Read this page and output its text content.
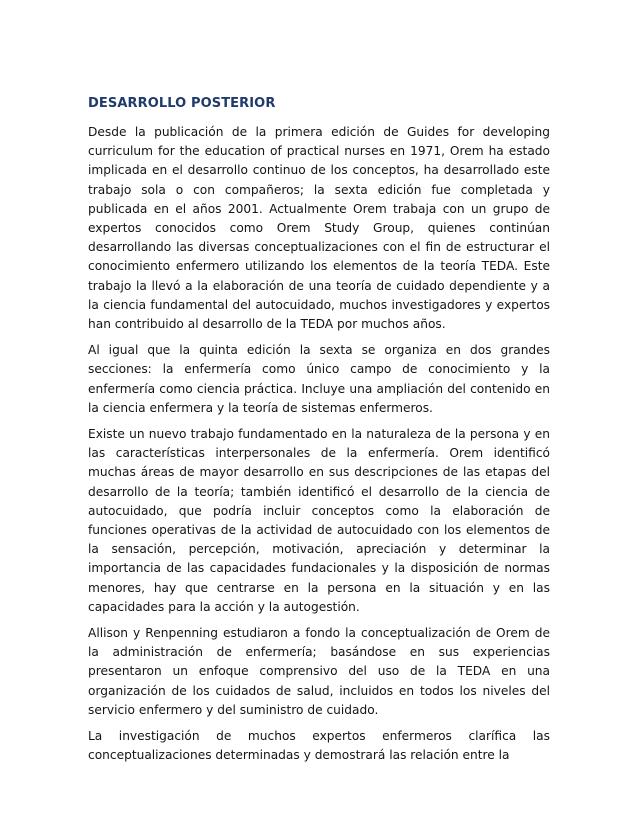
DESARROLLO POSTERIOR

Desde la publicación de la primera edición de Guides for developing curriculum for the education of practical nurses en 1971, Orem ha estado implicada en el desarrollo continuo de los conceptos, ha desarrollado este trabajo sola o con compañeros; la sexta edición fue completada y publicada en el años 2001. Actualmente Orem trabaja con un grupo de expertos conocidos como Orem Study Group, quienes continúan desarrollando las diversas conceptualizaciones con el fin de estructurar el conocimiento enfermero utilizando los elementos de la teoría TEDA. Este trabajo la llevó a la elaboración de una teoría de cuidado dependiente y a la ciencia fundamental del autocuidado, muchos investigadores y expertos han contribuido al desarrollo de la TEDA por muchos años.

Al igual que la quinta edición la sexta se organiza en dos grandes secciones: la enfermería como único campo de conocimiento y la enfermería como ciencia práctica. Incluye una ampliación del contenido en la ciencia enfermera y la teoría de sistemas enfermeros.

Existe un nuevo trabajo fundamentado en la naturaleza de la persona y en las características interpersonales de la enfermería. Orem identificó muchas áreas de mayor desarrollo en sus descripciones de las etapas del desarrollo de la teoría; también identificó el desarrollo de la ciencia de autocuidado, que podría incluir conceptos como la elaboración de funciones operativas de la actividad de autocuidado con los elementos de la sensación, percepción, motivación, apreciación y determinar la importancia de las capacidades fundacionales y la disposición de normas menores, hay que centrarse en la persona en la situación y en las capacidades para la acción y la autogestión.

Allison y Renpenning estudiaron a fondo la conceptualización de Orem de la administración de enfermería; basándose en sus experiencias presentaron un enfoque comprensivo del uso de la TEDA en una organización de los cuidados de salud, incluidos en todos los niveles del servicio enfermero y del suministro de cuidado.

La investigación de muchos expertos enfermeros clarífica las conceptualizaciones determinadas y demostrará las relación entre la
